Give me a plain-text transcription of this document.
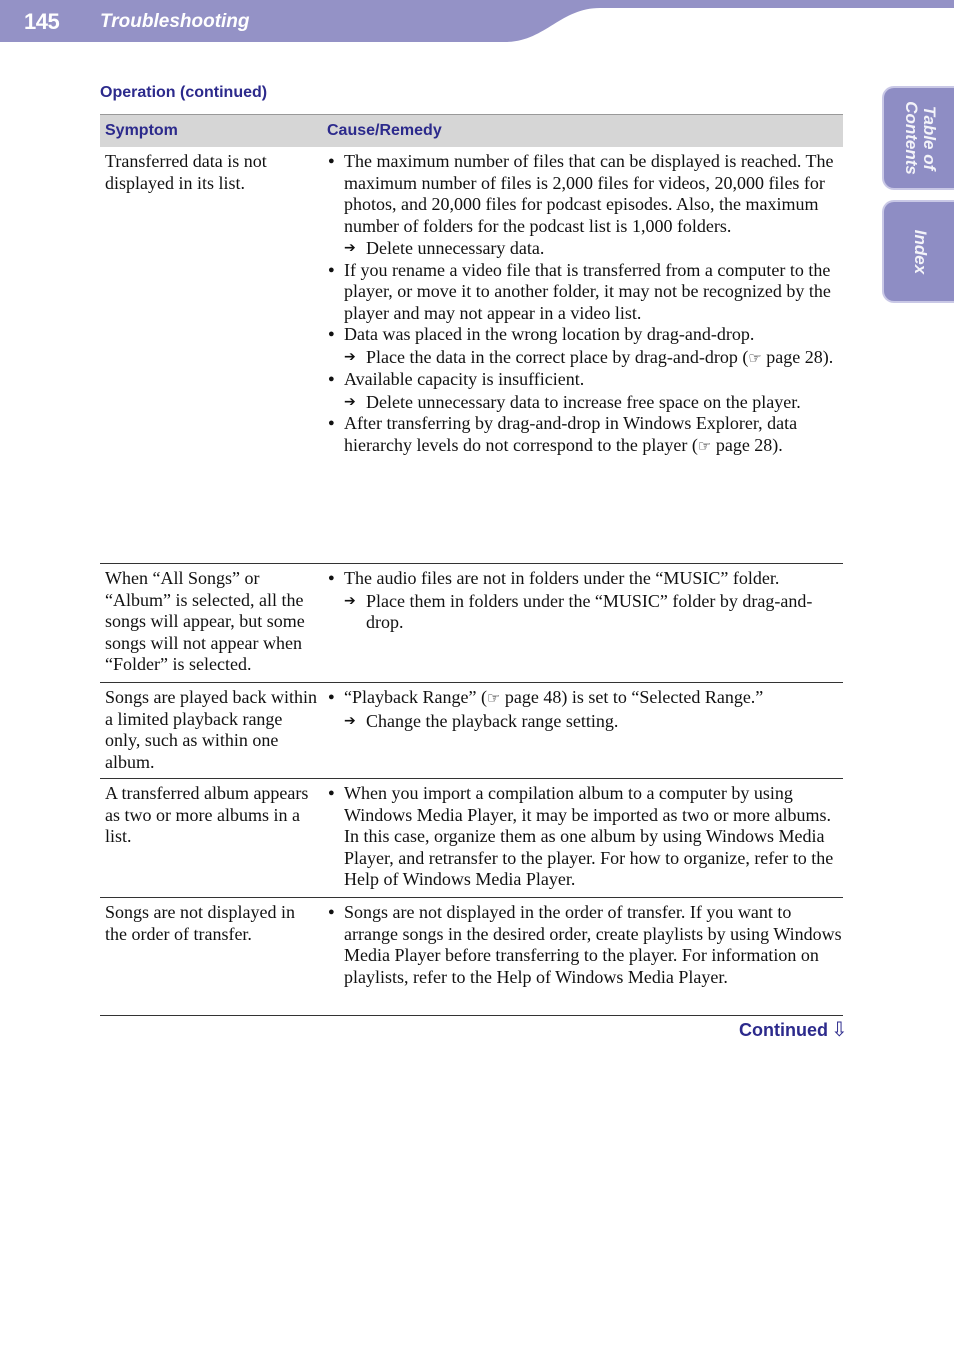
145 Troubleshooting
Table of
Contents
Index
Operation (continued)
Symptom	Cause/Remedy
Transferred data is not displayed in its list.
● The maximum number of files that can be displayed is reached. The maximum number of files is 2,000 files for videos, 20,000 files for photos, and 20,000 files for podcast episodes. Also, the maximum number of folders for the podcast list is 1,000 folders.
➔ Delete unnecessary data.
● If you rename a video file that is transferred from a computer to the player, or move it to another folder, it may not be recognized by the player and may not appear in a video list.
● Data was placed in the wrong location by drag-and-drop.
➔ Place the data in the correct place by drag-and-drop (☞ page 28).
● Available capacity is insufficient.
➔ Delete unnecessary data to increase free space on the player.
● After transferring by drag-and-drop in Windows Explorer, data hierarchy levels do not correspond to the player (☞ page 28).
When “All Songs” or “Album” is selected, all the songs will appear, but some songs will not appear when “Folder” is selected.
● The audio files are not in folders under the “MUSIC” folder.
➔ Place them in folders under the “MUSIC” folder by drag-and-drop.
Songs are played back within a limited playback range only, such as within one album.
● “Playback Range” (☞ page 48) is set to “Selected Range.”
➔ Change the playback range setting.
A transferred album appears as two or more albums in a list.
● When you import a compilation album to a computer by using Windows Media Player, it may be imported as two or more albums. In this case, organize them as one album by using Windows Media Player, and retransfer to the player. For how to organize, refer to the Help of Windows Media Player.
Songs are not displayed in the order of transfer.
● Songs are not displayed in the order of transfer. If you want to arrange songs in the desired order, create playlists by using Windows Media Player before transferring to the player. For information on playlists, refer to the Help of Windows Media Player.
Continued ⇩
